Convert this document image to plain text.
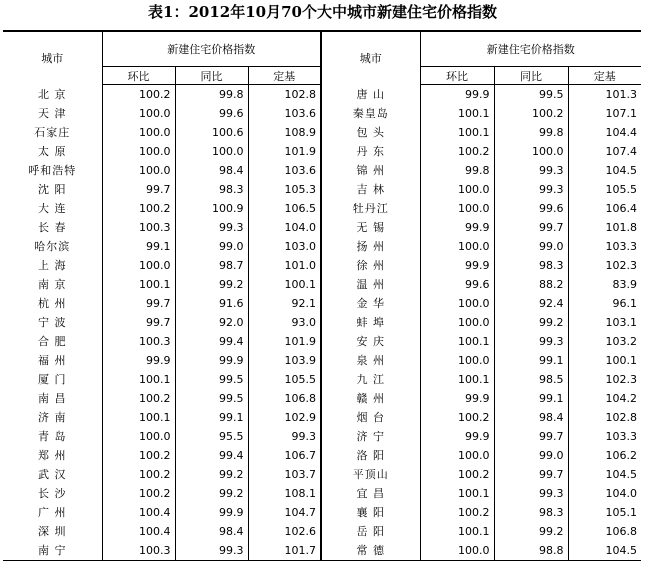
表1：2012年10月70个大中城市新建住宅价格指数
城市	新建住宅价格指数			城市	新建住宅价格指数		
	环比	同比	定基		环比	同比	定基
北 京	100.2	99.8	102.8	唐 山	99.9	99.5	101.3
天 津	100.0	99.6	103.6	秦皇岛	100.1	100.2	107.1
石家庄	100.0	100.6	108.9	包 头	100.1	99.8	104.4
太 原	100.0	100.0	101.9	丹 东	100.2	100.0	107.4
呼和浩特	100.0	98.4	103.6	锦 州	99.8	99.3	104.5
沈 阳	99.7	98.3	105.3	吉 林	100.0	99.3	105.5
大 连	100.2	100.9	106.5	牡丹江	100.0	99.6	106.4
长 春	100.3	99.3	104.0	无 锡	99.9	99.7	101.8
哈尔滨	99.1	99.0	103.0	扬 州	100.0	99.0	103.3
上 海	100.0	98.7	101.0	徐 州	99.9	98.3	102.3
南 京	100.1	99.2	100.1	温 州	99.6	88.2	83.9
杭 州	99.7	91.6	92.1	金 华	100.0	92.4	96.1
宁 波	99.7	92.0	93.0	蚌 埠	100.0	99.2	103.1
合 肥	100.3	99.4	101.9	安 庆	100.1	99.3	103.2
福 州	99.9	99.9	103.9	泉 州	100.0	99.1	100.1
厦 门	100.1	99.5	105.5	九 江	100.1	98.5	102.3
南 昌	100.2	99.5	106.8	赣 州	99.9	99.1	104.2
济 南	100.1	99.1	102.9	烟 台	100.2	98.4	102.8
青 岛	100.0	95.5	99.3	济 宁	99.9	99.7	103.3
郑 州	100.2	99.4	106.7	洛 阳	100.0	99.0	106.2
武 汉	100.2	99.2	103.7	平顶山	100.2	99.7	104.5
长 沙	100.2	99.2	108.1	宜 昌	100.1	99.3	104.0
广 州	100.4	99.9	104.7	襄 阳	100.2	98.3	105.1
深 圳	100.4	98.4	102.6	岳 阳	100.1	99.2	106.8
南 宁	100.3	99.3	101.7	常 德	100.0	98.8	104.5
